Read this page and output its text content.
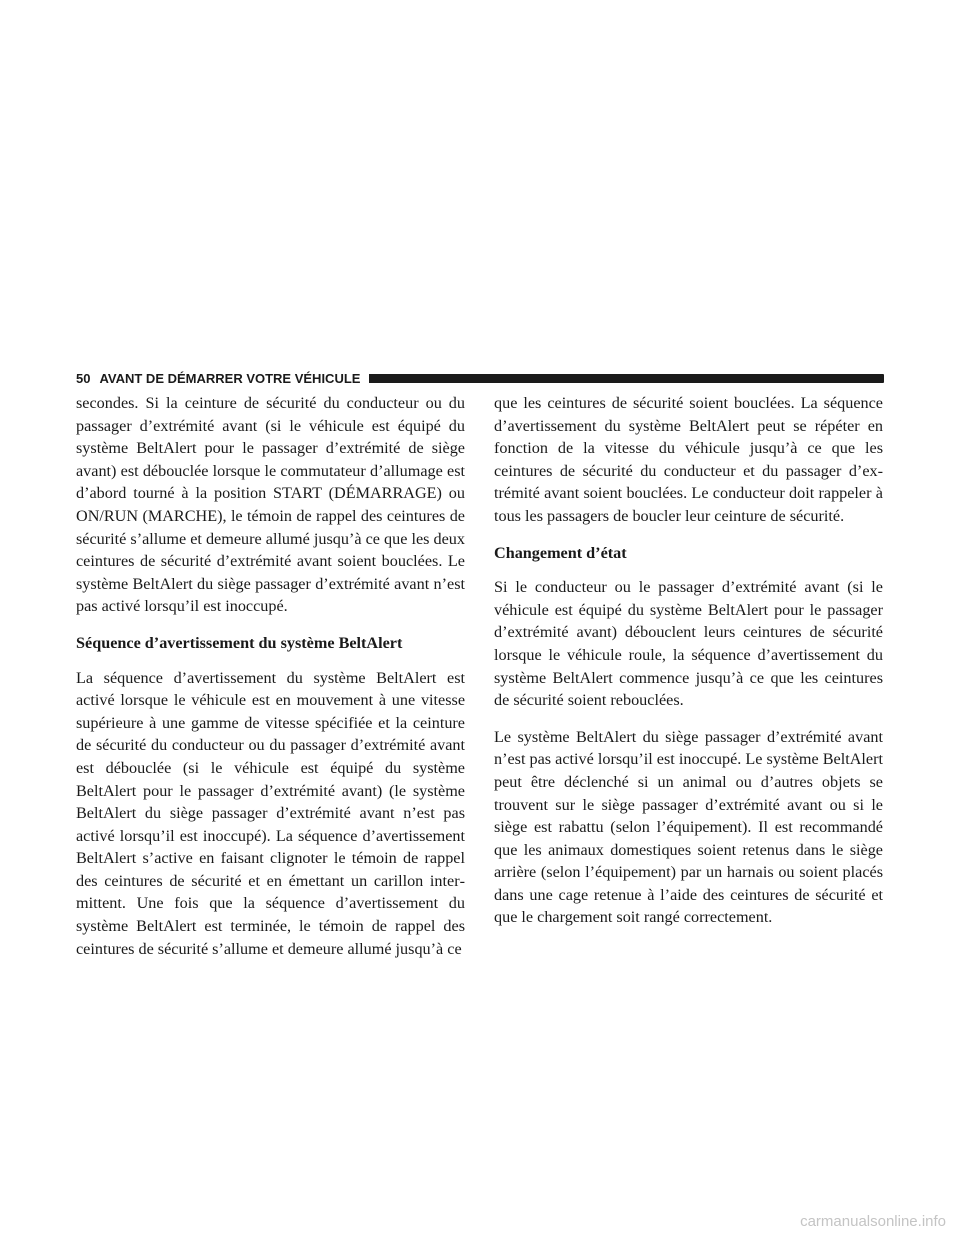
50 AVANT DE DÉMARRER VOTRE VÉHICULE

secondes. Si la ceinture de sécurité du conducteur ou du passager d’extrémité avant (si le véhicule est équipé du système BeltAlert pour le passager d’extrémité de siège avant) est débouclée lorsque le commutateur d’allumage est d’abord tourné à la position START (DÉMARRAGE) ou ON/RUN (MARCHE), le témoin de rappel des ceintures de sécurité s’allume et demeure allumé jusqu’à ce que les deux ceintures de sécurité d’extrémité avant soient bouclées. Le système BeltAlert du siège passager d’extrémité avant n’est pas activé lorsqu’il est inoccupé.

Séquence d’avertissement du système BeltAlert

La séquence d’avertissement du système BeltAlert est activé lorsque le véhicule est en mouvement à une vitesse supérieure à une gamme de vitesse spécifiée et la ceinture de sécurité du conducteur ou du passager d’extrémité avant est débouclée (si le véhicule est équipé du système BeltAlert pour le passager d’extrémité avant) (le système BeltAlert du siège passager d’extrémité avant n’est pas activé lorsqu’il est inoccupé). La séquence d’avertissement BeltAlert s’active en faisant clignoter le témoin de rappel des ceintures de sécurité et en émettant un carillon intermittent. Une fois que la séquence d’avertissement du système BeltAlert est terminée, le témoin de rappel des ceintures de sécurité s’allume et demeure allumé jusqu’à ce

que les ceintures de sécurité soient bouclées. La séquence d’avertissement du système BeltAlert peut se répéter en fonction de la vitesse du véhicule jusqu’à ce que les ceintures de sécurité du conducteur et du passager d’extrémité avant soient bouclées. Le conducteur doit rappeler à tous les passagers de boucler leur ceinture de sécurité.

Changement d’état

Si le conducteur ou le passager d’extrémité avant (si le véhicule est équipé du système BeltAlert pour le passager d’extrémité avant) débouclent leurs ceintures de sécurité lorsque le véhicule roule, la séquence d’avertissement du système BeltAlert commence jusqu’à ce que les ceintures de sécurité soient rebouclées.

Le système BeltAlert du siège passager d’extrémité avant n’est pas activé lorsqu’il est inoccupé. Le système BeltAlert peut être déclenché si un animal ou d’autres objets se trouvent sur le siège passager d’extrémité avant ou si le siège est rabattu (selon l’équipement). Il est recommandé que les animaux domestiques soient retenus dans le siège arrière (selon l’équipement) par un harnais ou soient placés dans une cage retenue à l’aide des ceintures de sécurité et que le chargement soit rangé correctement.

carmanualsonline.info
